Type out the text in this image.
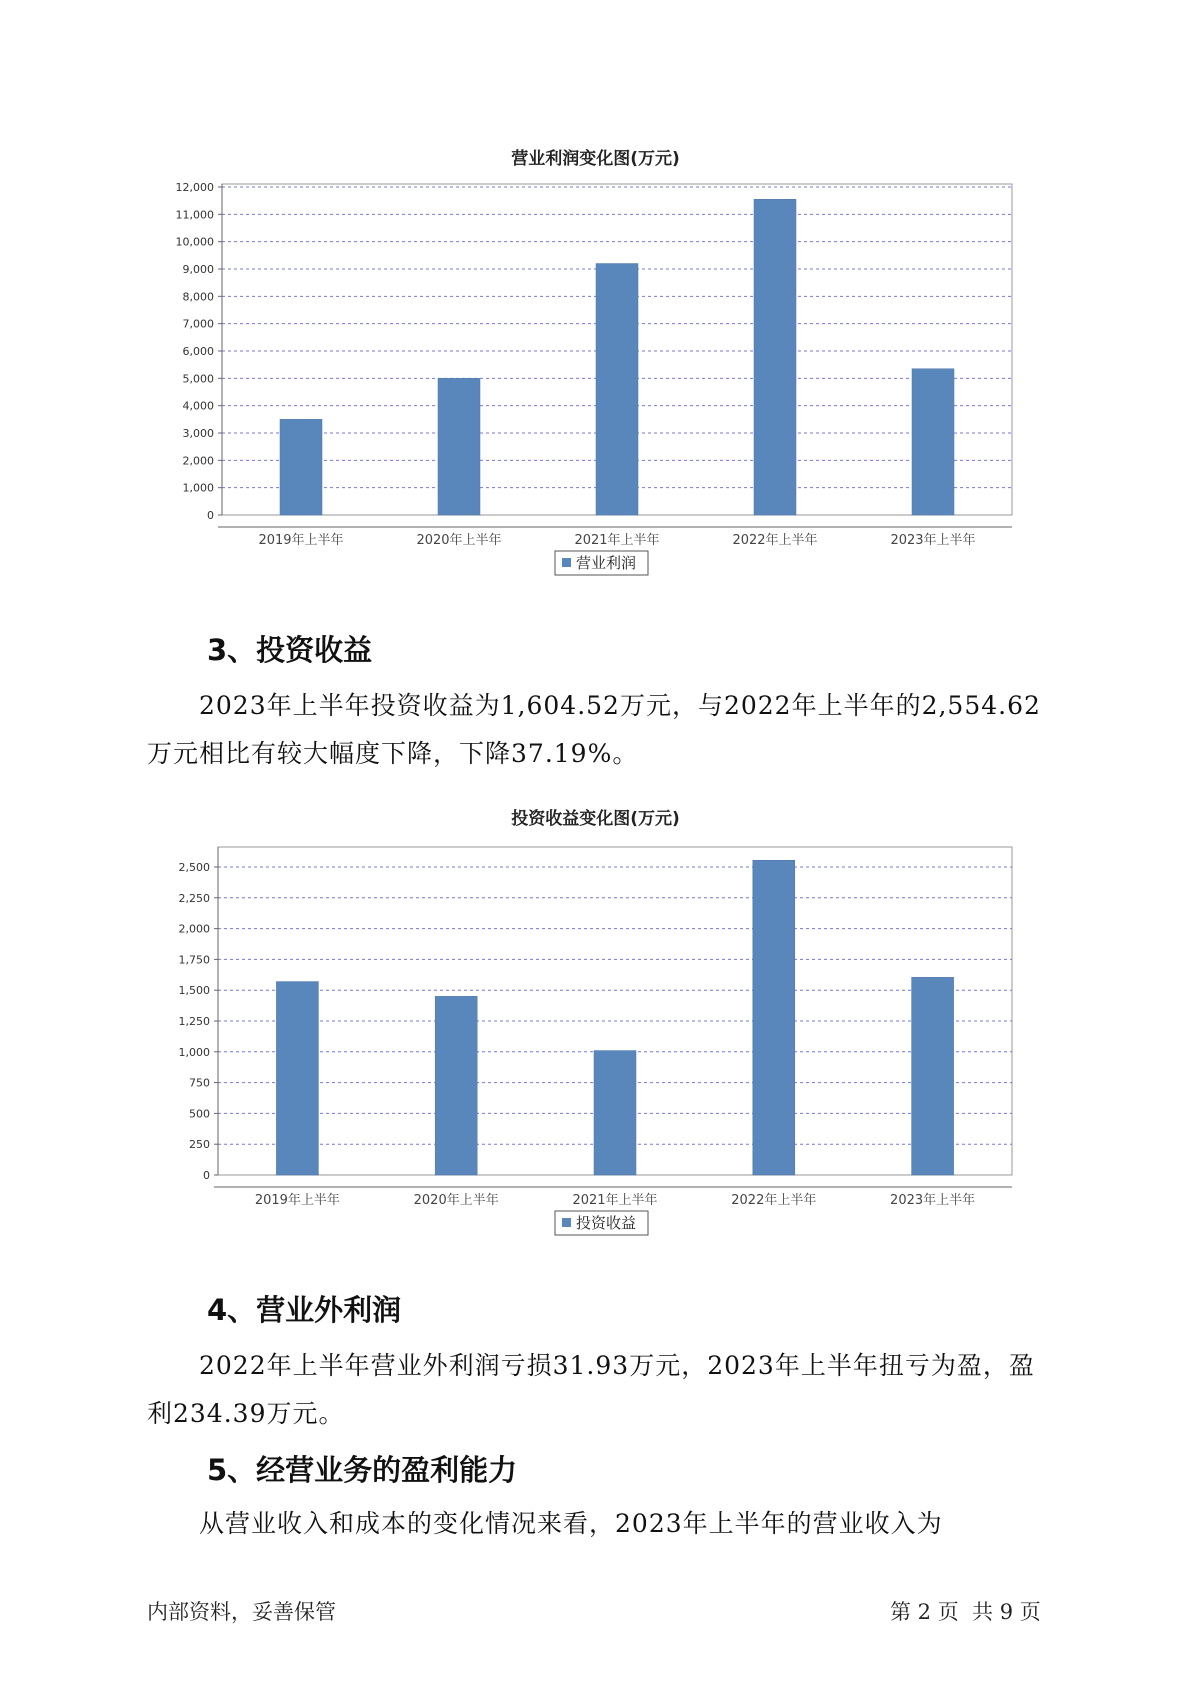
营业利润变化图(万元)
0
1,000
2,000
3,000
4,000
5,000
6,000
7,000
8,000
9,000
10,000
11,000
12,000
2019年上半年	2020年上半年	2021年上半年	2022年上半年	2023年上半年
营业利润
3、投资收益

2023年上半年投资收益为1,604.52万元，与2022年上半年的2,554.62万元相比有较大幅度下降，下降37.19%。

投资收益变化图(万元)
0
250
500
750
1,000
1,250
1,500
1,750
2,000
2,250
2,500
2019年上半年	2020年上半年	2021年上半年	2022年上半年	2023年上半年
投资收益
4、营业外利润

2022年上半年营业外利润亏损31.93万元，2023年上半年扭亏为盈，盈利234.39万元。

5、经营业务的盈利能力

从营业收入和成本的变化情况来看，2023年上半年的营业收入为

内部资料，妥善保管	第 2 页  共 9 页
